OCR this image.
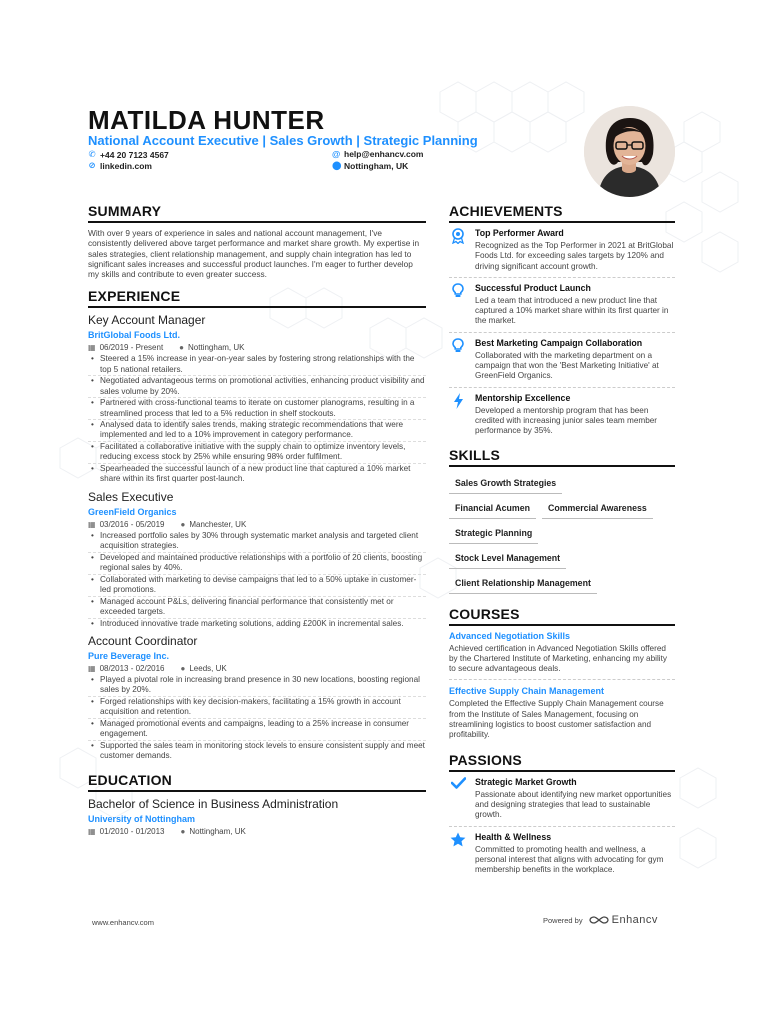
MATILDA HUNTER
National Account Executive | Sales Growth | Strategic Planning
✆ +44 20 7123 4567	@ help@enhancv.com
⊘ linkedin.com	⬤ Nottingham, UK
SUMMARY
With over 9 years of experience in sales and national account management, I've consistently delivered above target performance and market share growth. My expertise in sales strategies, client relationship management, and supply chain integration has led to significant sales increases and successful product launches. I'm eager to further develop my skills and contribute to even greater success.
EXPERIENCE
Key Account Manager
BritGlobal Foods Ltd.
▦ 06/2019 - Present ● Nottingham, UK
• Steered a 15% increase in year-on-year sales by fostering strong relationships with the top 5 national retailers.
• Negotiated advantageous terms on promotional activities, enhancing product visibility and sales volume by 20%.
• Partnered with cross-functional teams to iterate on customer planograms, resulting in a streamlined process that led to a 5% reduction in shelf stockouts.
• Analysed data to identify sales trends, making strategic recommendations that were implemented and led to a 10% improvement in category performance.
• Facilitated a collaborative initiative with the supply chain to optimize inventory levels, reducing excess stock by 25% while ensuring 98% order fulfilment.
• Spearheaded the successful launch of a new product line that captured a 10% market share within its first quarter post-launch.
Sales Executive
GreenField Organics
▦ 03/2016 - 05/2019 ● Manchester, UK
• Increased portfolio sales by 30% through systematic market analysis and targeted client acquisition strategies.
• Developed and maintained productive relationships with a portfolio of 20 clients, boosting regional sales by 40%.
• Collaborated with marketing to devise campaigns that led to a 50% uptake in customer-led promotions.
• Managed account P&Ls, delivering financial performance that consistently met or exceeded targets.
• Introduced innovative trade marketing solutions, adding £200K in incremental sales.
Account Coordinator
Pure Beverage Inc.
▦ 08/2013 - 02/2016 ● Leeds, UK
• Played a pivotal role in increasing brand presence in 30 new locations, boosting regional sales by 20%.
• Forged relationships with key decision-makers, facilitating a 15% growth in account acquisition and retention.
• Managed promotional events and campaigns, leading to a 25% increase in consumer engagement.
• Supported the sales team in monitoring stock levels to ensure consistent supply and meet customer demands.
EDUCATION
Bachelor of Science in Business Administration
University of Nottingham
▦ 01/2010 - 01/2013 ● Nottingham, UK
ACHIEVEMENTS
Top Performer Award
Recognized as the Top Performer in 2021 at BritGlobal Foods Ltd. for exceeding sales targets by 120% and driving significant account growth.
Successful Product Launch
Led a team that introduced a new product line that captured a 10% market share within its first quarter in the market.
Best Marketing Campaign Collaboration
Collaborated with the marketing department on a campaign that won the 'Best Marketing Initiative' at GreenField Organics.
Mentorship Excellence
Developed a mentorship program that has been credited with increasing junior sales team member performance by 35%.
SKILLS
Sales Growth Strategies
Financial Acumen	Commercial Awareness
Strategic Planning
Stock Level Management
Client Relationship Management
COURSES
Advanced Negotiation Skills
Achieved certification in Advanced Negotiation Skills offered by the Chartered Institute of Marketing, enhancing my ability to secure advantageous deals.
Effective Supply Chain Management
Completed the Effective Supply Chain Management course from the Institute of Sales Management, focusing on streamlining logistics to boost customer satisfaction and profitability.
PASSIONS
Strategic Market Growth
Passionate about identifying new market opportunities and designing strategies that lead to sustainable growth.
Health & Wellness
Committed to promoting health and wellness, a personal interest that aligns with advocating for gym membership benefits in the workplace.
www.enhancv.com	Powered by	Enhancv
